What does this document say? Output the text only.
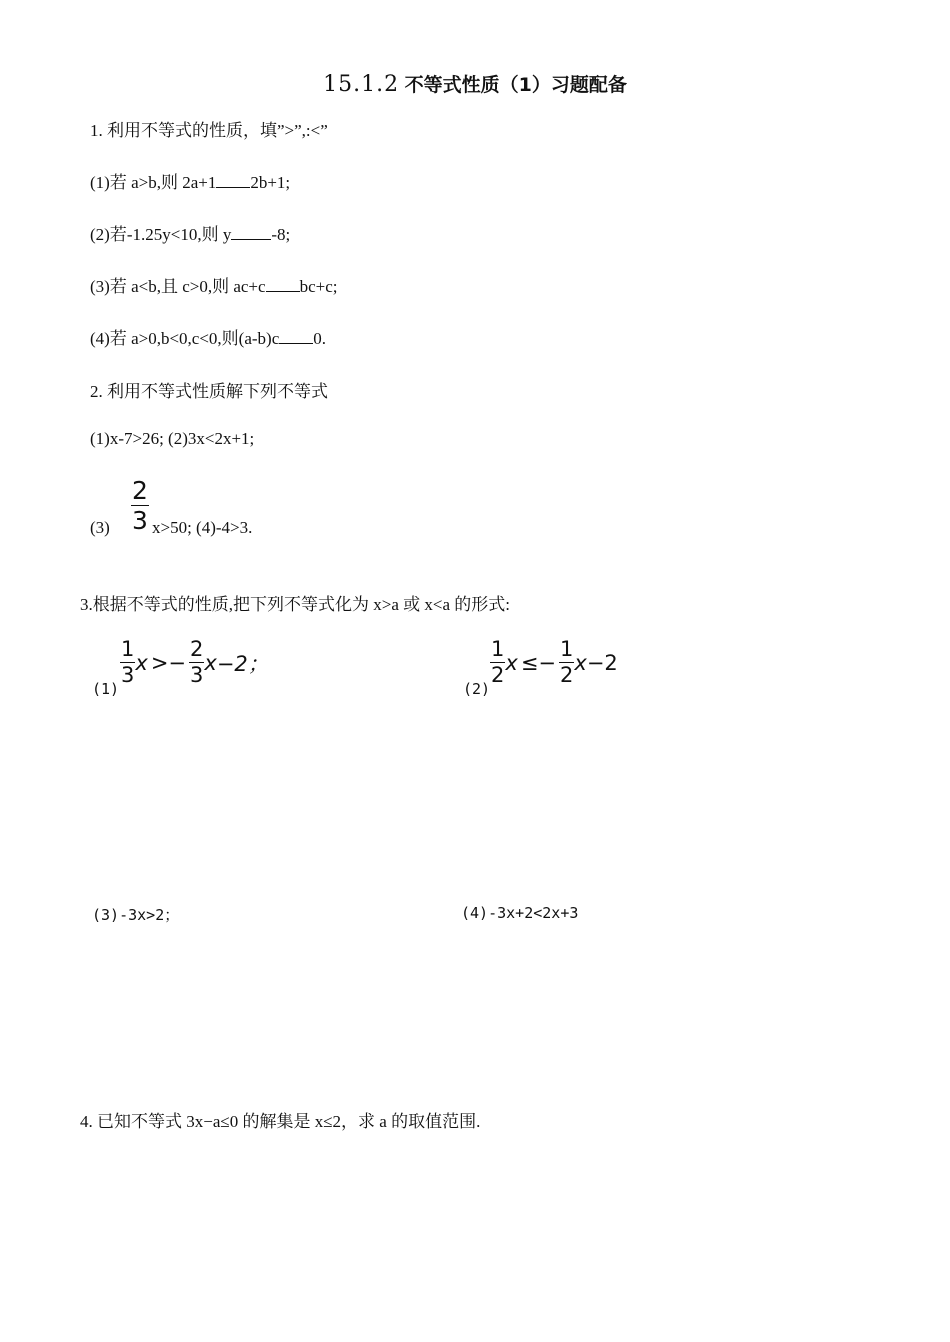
15.1.2 不等式性质（1）习题配备
1. 利用不等式的性质，填”>”,:<”
(1)若 a>b,则 2a+1 2b+1;
(2)若-1.25y<10,则 y -8;
(3)若 a<b,且 c>0,则 ac+c bc+c;
(4)若 a>0,b<0,c<0,则(a-b)c 0.
2. 利用不等式性质解下列不等式
(1)x-7>26; (2)3x<2x+1;
$(3) \frac{2}{3} x>50$; (4)-4>3.
3.根据不等式的性质,把下列不等式化为 x>a 或 x<a 的形式:
(1)
$\frac{1}{3}$ $x >- \frac{2}{3}$ x −2；
(2)
$\frac{1}{2}$ $x \le- \frac{1}{2}$ x −2
(3)-3x>2；	(4)-3x+2<2x+3
4. 已知不等式 3x−a≤0 的解集是 x≤2，求 a 的取值范围.
